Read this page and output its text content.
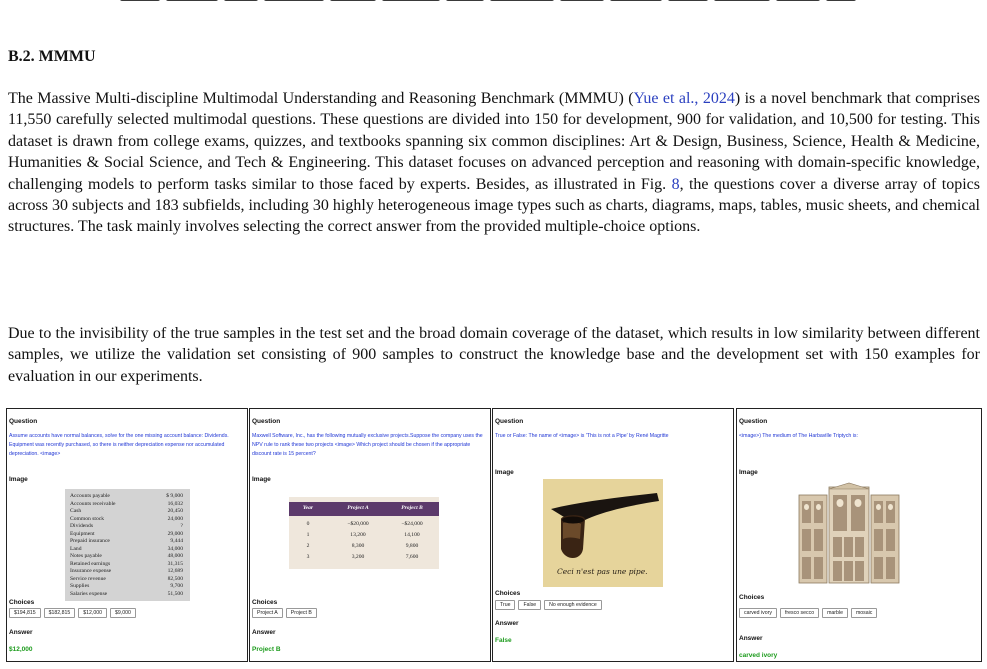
B.2. MMMU
The Massive Multi-discipline Multimodal Understanding and Reasoning Benchmark (MMMU) (Yue et al., 2024) is a novel benchmark that comprises 11,550 carefully selected multimodal questions. These questions are divided into 150 for development, 900 for validation, and 10,500 for testing. This dataset is drawn from college exams, quizzes, and textbooks spanning six common disciplines: Art & Design, Business, Science, Health & Medicine, Humanities & Social Science, and Tech & Engineering. This dataset focuses on advanced perception and reasoning with domain-specific knowledge, challenging models to perform tasks similar to those faced by experts. Besides, as illustrated in Fig. 8, the questions cover a diverse array of topics across 30 subjects and 183 subfields, including 30 highly heterogeneous image types such as charts, diagrams, maps, tables, music sheets, and chemical structures. The task mainly involves selecting the correct answer from the provided multiple-choice options.
Due to the invisibility of the true samples in the test set and the broad domain coverage of the dataset, which results in low similarity between different samples, we utilize the validation set consisting of 900 samples to construct the knowledge base and the development set with 150 examples for evaluation in our experiments.
Question
Assume accounts have normal balances, solve for the one missing account balance: Dividends. Equipment was recently purchased, so there is neither depreciation expense nor accumulated depreciation. <image>
Image
Accounts payable	$ 9,000
Accounts receivable	16,032
Cash	20,450
Common stock	24,000
Dividends	?
Equipment	29,000
Prepaid insurance	9,444
Land	34,000
Notes payable	48,000
Retained earnings	31,315
Insurance expense	12,689
Service revenue	82,500
Supplies	9,700
Salaries expense	51,500
Choices
$194,815	$182,815	$12,000	$9,000
Answer
$12,000
Question
Maxwell Software, Inc., has the following mutually exclusive projects.Suppose the company uses the NPV rule to rank these two projects <image> Which project should be chosen if the appropriate discount rate is 15 percent?
Image
Year	Project A	Project B
0	−$20,000	−$24,000
1	13,200	14,100
2	8,300	9,800
3	3,200	7,600
Choices
Project A	Project B
Answer
Project B
Question
True or False: The name of <image> is 'This is not a Pipe' by René Magritte
Image
Ceci n'est pas une pipe.
Choices
True	False	No enough evidence
Answer
False
Question
<image>) The medium of The Harbaville Triptych is:
Image
Choices
carved ivory	fresco secco	marble	mosaic
Answer
carved ivory
